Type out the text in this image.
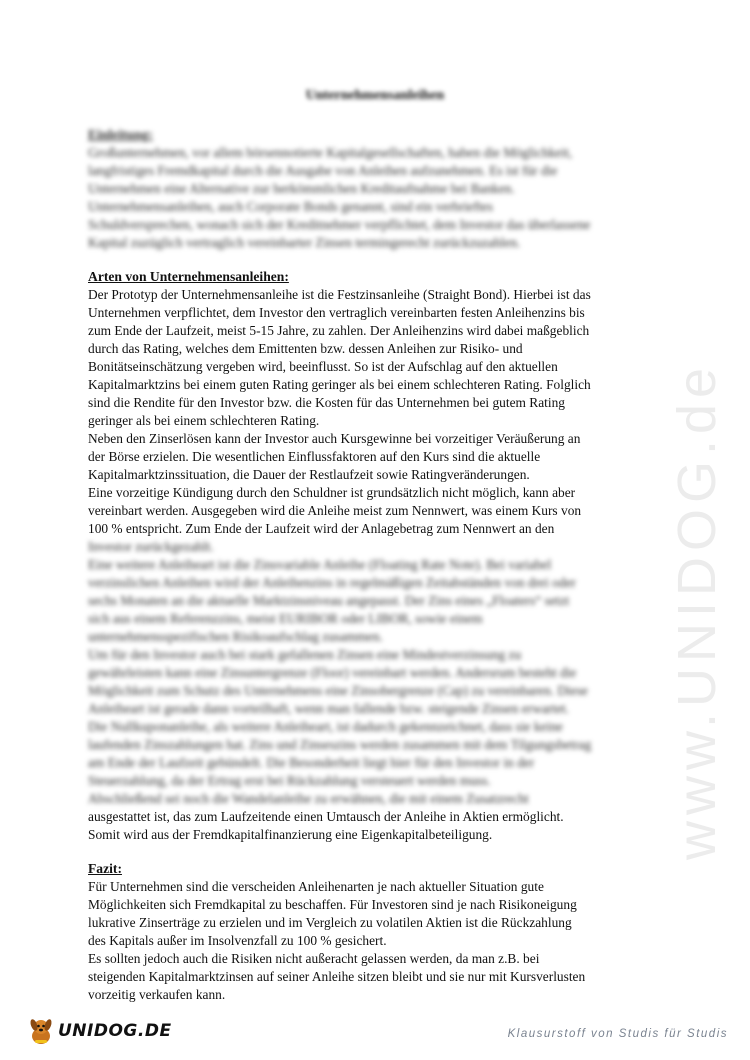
www.UNIDOG.de
Unternehmensanleihen

Einleitung:

Großunternehmen, vor allem börsennotierte Kapitalgesellschaften, haben die Möglichkeit,
langfristiges Fremdkapital durch die Ausgabe von Anleihen aufzunehmen. Es ist für die
Unternehmen eine Alternative zur herkömmlichen Kreditaufnahme bei Banken.
Unternehmensanleihen, auch Corporate Bonds genannt, sind ein verbrieftes
Schuldversprechen, wonach sich der Kreditnehmer verpflichtet, dem Investor das überlassene
Kapital zuzüglich vertraglich vereinbarter Zinsen termingerecht zurückzuzahlen.

Arten von Unternehmensanleihen:

Der Prototyp der Unternehmensanleihe ist die Festzinsanleihe (Straight Bond). Hierbei ist das
Unternehmen verpflichtet, dem Investor den vertraglich vereinbarten festen Anleihenzins bis
zum Ende der Laufzeit, meist 5-15 Jahre, zu zahlen. Der Anleihenzins wird dabei maßgeblich
durch das Rating, welches dem Emittenten bzw. dessen Anleihen zur Risiko- und
Bonitätseinschätzung vergeben wird, beeinflusst. So ist der Aufschlag auf den aktuellen
Kapitalmarktzins bei einem guten Rating geringer als bei einem schlechteren Rating. Folglich
sind die Rendite für den Investor bzw. die Kosten für das Unternehmen bei gutem Rating
geringer als bei einem schlechteren Rating.
Neben den Zinserlösen kann der Investor auch Kursgewinne bei vorzeitiger Veräußerung an
der Börse erzielen. Die wesentlichen Einflussfaktoren auf den Kurs sind die aktuelle
Kapitalmarktzinssituation, die Dauer der Restlaufzeit sowie Ratingveränderungen.
Eine vorzeitige Kündigung durch den Schuldner ist grundsätzlich nicht möglich, kann aber
vereinbart werden. Ausgegeben wird die Anleihe meist zum Nennwert, was einem Kurs von
100 % entspricht. Zum Ende der Laufzeit wird der Anlagebetrag zum Nennwert an den
Investor zurückgezahlt.
Eine weitere Anleiheart ist die Zinsvariable Anleihe (Floating Rate Note). Bei variabel
verzinslichen Anleihen wird der Anleihenzins in regelmäßigen Zeitabständen von drei oder
sechs Monaten an die aktuelle Marktzinsniveau angepasst. Der Zins eines „Floaters“ setzt
sich aus einem Referenzzins, meist EURIBOR oder LIBOR, sowie einem
unternehmensspezifischen Risikoaufschlag zusammen.
Um für den Investor auch bei stark gefallenen Zinsen eine Mindestverzinsung zu
gewährleisten kann eine Zinsuntergrenze (Floor) vereinbart werden. Andersrum besteht die
Möglichkeit zum Schutz des Unternehmens eine Zinsobergrenze (Cap) zu vereinbaren. Diese
Anleiheart ist gerade dann vorteilhaft, wenn man fallende bzw. steigende Zinsen erwartet.
Die Nullkuponanleihe, als weitere Anleiheart, ist dadurch gekennzeichnet, dass sie keine
laufenden Zinszahlungen hat. Zins und Zinseszins werden zusammen mit dem Tilgungsbetrag
am Ende der Laufzeit gebündelt. Die Besonderheit liegt hier für den Investor in der
Steuerzahlung, da der Ertrag erst bei Rückzahlung versteuert werden muss.
Abschließend sei noch die Wandelanleihe zu erwähnen, die mit einem Zusatzrecht
ausgestattet ist, das zum Laufzeitende einen Umtausch der Anleihe in Aktien ermöglicht.
Somit wird aus der Fremdkapitalfinanzierung eine Eigenkapitalbeteiligung.

Fazit:

Für Unternehmen sind die verscheiden Anleihenarten je nach aktueller Situation gute
Möglichkeiten sich Fremdkapital zu beschaffen. Für Investoren sind je nach Risikoneigung
lukrative Zinserträge zu erzielen und im Vergleich zu volatilen Aktien ist die Rückzahlung
des Kapitals außer im Insolvenzfall zu 100 % gesichert.
Es sollten jedoch auch die Risiken nicht außeracht gelassen werden, da man z.B. bei
steigenden Kapitalmarktzinsen auf seiner Anleihe sitzen bleibt und sie nur mit Kursverlusten
vorzeitig verkaufen kann.
UNIDOG.DE	Klausurstoff von Studis für Studis
